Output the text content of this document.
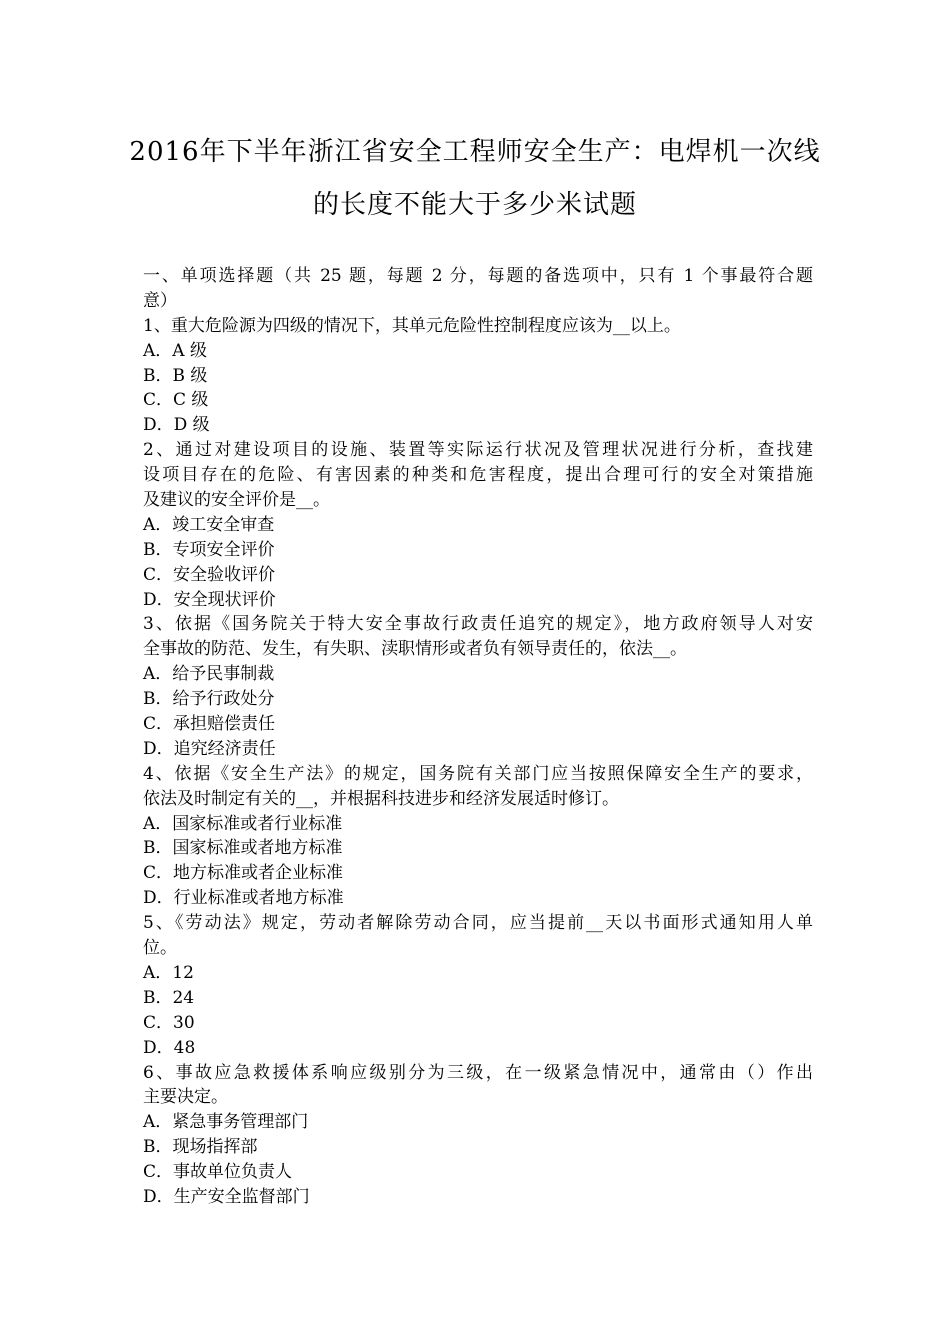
2016年下半年浙江省安全工程师安全生产：电焊机一次线
的长度不能大于多少米试题
一、单项选择题（共 25 题，每题 2 分，每题的备选项中，只有 1 个事最符合题
意）
1、重大危险源为四级的情况下，其单元危险性控制程度应该为__以上。
A．A 级
B．B 级
C．C 级
D．D 级
2、通过对建设项目的设施、装置等实际运行状况及管理状况进行分析，查找建
设项目存在的危险、有害因素的种类和危害程度，提出合理可行的安全对策措施
及建议的安全评价是__。
A．竣工安全审查
B．专项安全评价
C．安全验收评价
D．安全现状评价
3、依据《国务院关于特大安全事故行政责任追究的规定》，地方政府领导人对安
全事故的防范、发生，有失职、渎职情形或者负有领导责任的，依法__。
A．给予民事制裁
B．给予行政处分
C．承担赔偿责任
D．追究经济责任
4、依据《安全生产法》的规定，国务院有关部门应当按照保障安全生产的要求，
依法及时制定有关的__，并根据科技进步和经济发展适时修订。
A．国家标准或者行业标准
B．国家标准或者地方标准
C．地方标准或者企业标准
D．行业标准或者地方标准
5、《劳动法》规定，劳动者解除劳动合同，应当提前__天以书面形式通知用人单
位。
A．12
B．24
C．30
D．48
6、事故应急救援体系响应级别分为三级，在一级紧急情况中，通常由（）作出
主要决定。
A．紧急事务管理部门
B．现场指挥部
C．事故单位负责人
D．生产安全监督部门
